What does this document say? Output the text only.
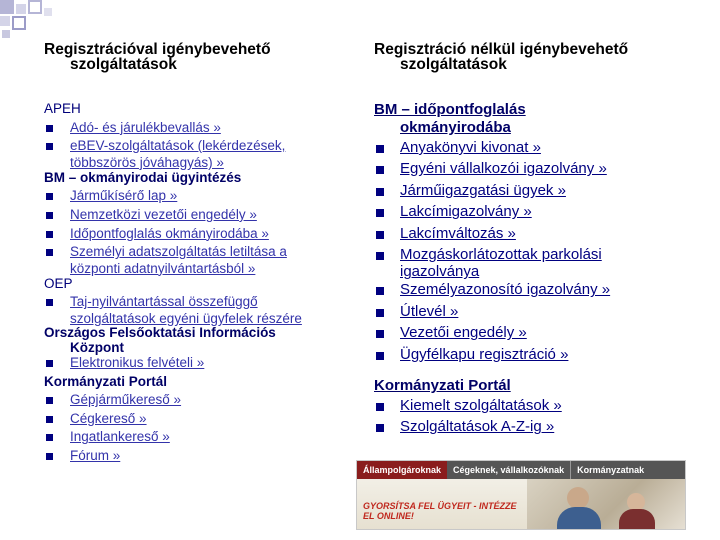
Regisztrációval igénybevehető
szolgáltatások
Regisztráció nélkül igénybevehető
szolgáltatások
APEH
Adó- és járulékbevallás »
eBEV-szolgáltatások (lekérdezések,
többszörös jóváhagyás) »
BM – okmányirodai ügyintézés
Járműkísérő lap »
Nemzetközi vezetői engedély »
Időpontfoglalás okmányirodába »
Személyi adatszolgáltatás letiltása a
központi adatnyilvántartásból »
OEP
Taj-nyilvántartással összefüggő
szolgáltatások egyéni ügyfelek részére
Országos Felsőoktatási Információs
Központ
Elektronikus felvételi »
Kormányzati Portál
Gépjárműkereső »
Cégkereső »
Ingatlankereső »
Fórum »
BM – időpontfoglalás
okmányirodába
Anyakönyvi kivonat »
Egyéni vállalkozói igazolvány »
Járműigazgatási ügyek »
Lakcímigazolvány »
Lakcímváltozás »
Mozgáskorlátozottak parkolási
igazolványa
Személyazonosító igazolvány »
Útlevél »
Vezetői engedély »
Ügyfélkapu regisztráció »
Kormányzati Portál
Kiemelt szolgáltatások »
Szolgáltatások A-Z-ig »
Állampolgároknak	Cégeknek, vállalkozóknak	Kormányzatnak
GYORSÍTSA FEL ÜGYEIT - INTÉZZE EL ONLINE!
